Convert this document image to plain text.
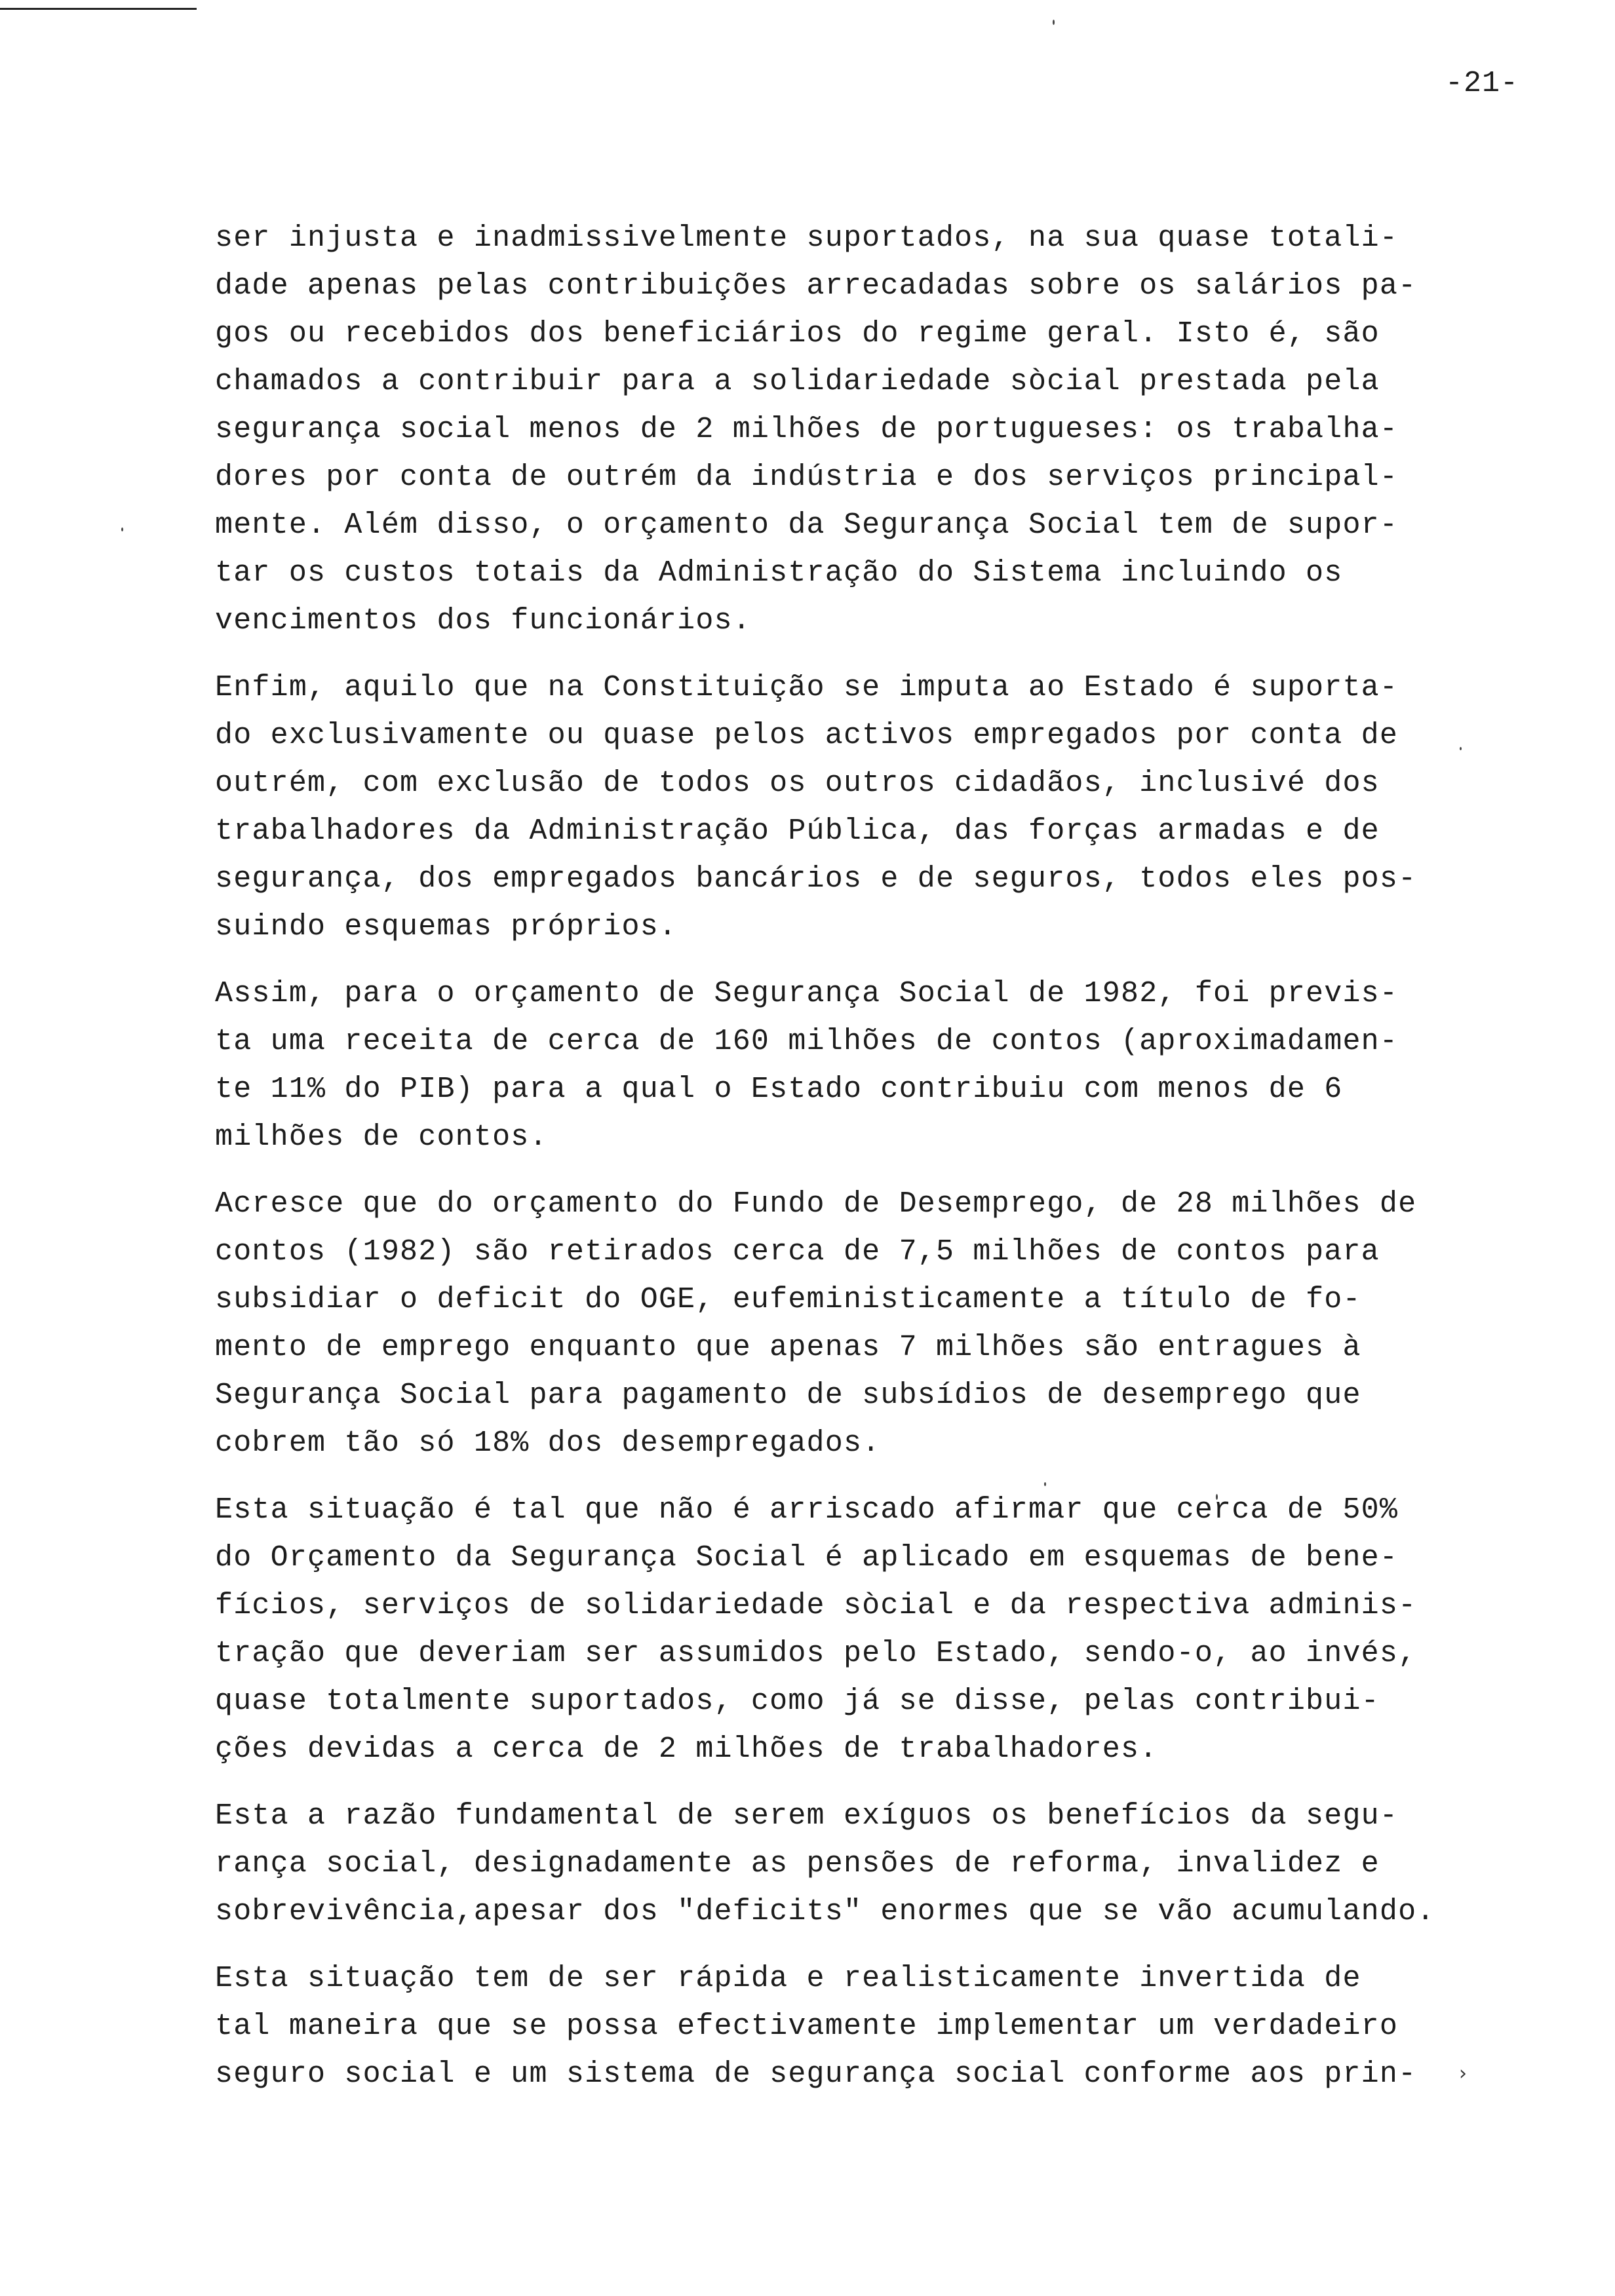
›
-21-
ser injusta e inadmissivelmente suportados, na sua quase totali-
dade apenas pelas contribuições arrecadadas sobre os salários pa-
gos ou recebidos dos beneficiários do regime geral. Isto é, são
chamados a contribuir para a solidariedade sòcial prestada pela
segurança social menos de 2 milhões de portugueses: os trabalha-
dores por conta de outrém da indústria e dos serviços principal-
mente. Além disso, o orçamento da Segurança Social tem de supor-
tar os custos totais da Administração do Sistema incluindo os
vencimentos dos funcionários.
Enfim, aquilo que na Constituição se imputa ao Estado é suporta-
do exclusivamente ou quase pelos activos empregados por conta de
outrém, com exclusão de todos os outros cidadãos, inclusivé dos
trabalhadores da Administração Pública, das forças armadas e de
segurança, dos empregados bancários e de seguros, todos eles pos-
suindo esquemas próprios.
Assim, para o orçamento de Segurança Social de 1982, foi previs-
ta uma receita de cerca de 160 milhões de contos (aproximadamen-
te 11% do PIB) para a qual o Estado contribuiu com menos de 6
milhões de contos.
Acresce que do orçamento do Fundo de Desemprego, de 28 milhões de
contos (1982) são retirados cerca de 7,5 milhões de contos para
subsidiar o deficit do OGE, eufeministicamente a título de fo-
mento de emprego enquanto que apenas 7 milhões são entragues à
Segurança Social para pagamento de subsídios de desemprego que
cobrem tão só 18% dos desempregados.
Esta situação é tal que não é arriscado afirmar que cerca de 50%
do Orçamento da Segurança Social é aplicado em esquemas de bene-
fícios, serviços de solidariedade sòcial e da respectiva adminis-
tração que deveriam ser assumidos pelo Estado, sendo-o, ao invés,
quase totalmente suportados, como já se disse, pelas contribui-
ções devidas a cerca de 2 milhões de trabalhadores.
Esta a razão fundamental de serem exíguos os benefícios da segu-
rança social, designadamente as pensões de reforma, invalidez e
sobrevivência,apesar dos "deficits" enormes que se vão acumulando.
Esta situação tem de ser rápida e realisticamente invertida de
tal maneira que se possa efectivamente implementar um verdadeiro
seguro social e um sistema de segurança social conforme aos prin-
